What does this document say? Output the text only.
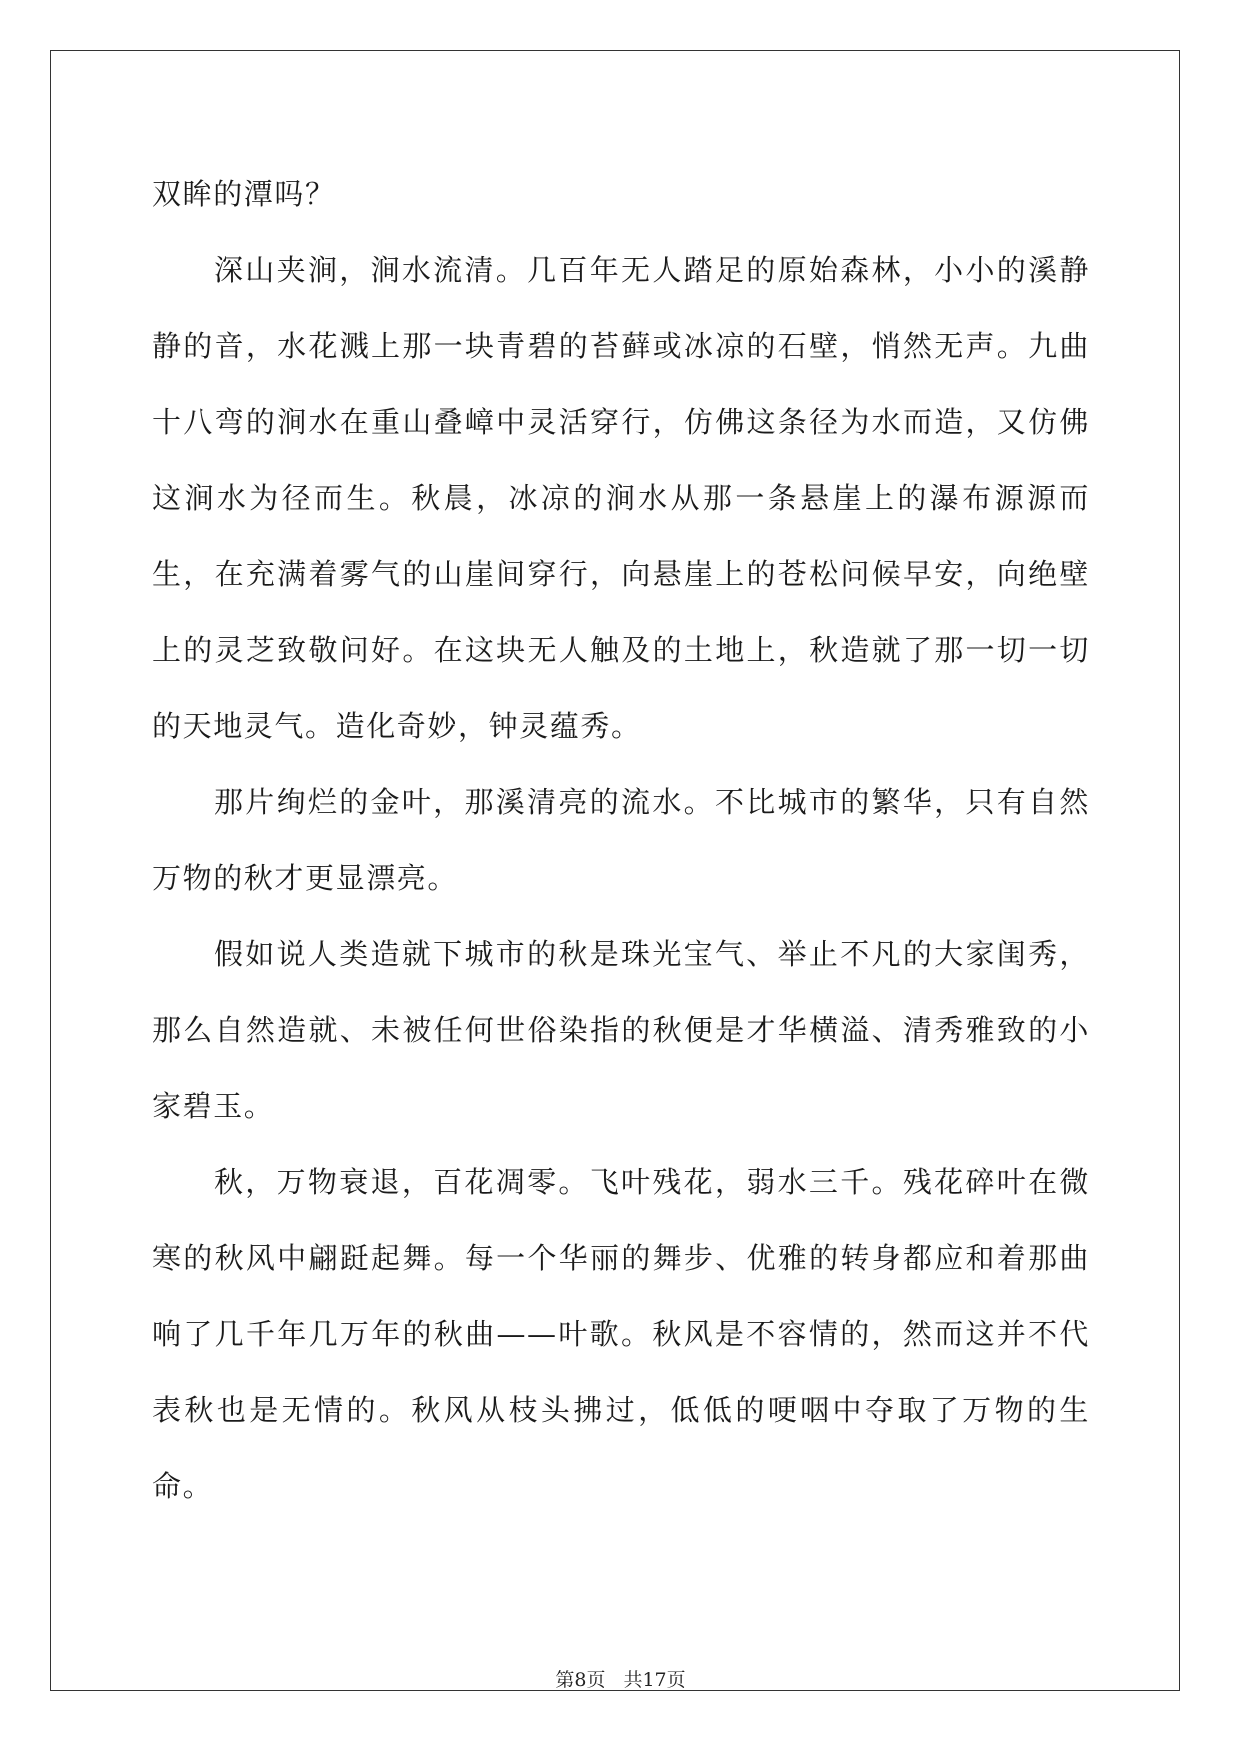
双眸的潭吗？

深山夹涧，涧水流清。几百年无人踏足的原始森林，小小的溪静静的音，水花溅上那一块青碧的苔藓或冰凉的石壁，悄然无声。九曲十八弯的涧水在重山叠嶂中灵活穿行，仿佛这条径为水而造，又仿佛这涧水为径而生。秋晨，冰凉的涧水从那一条悬崖上的瀑布源源而生，在充满着雾气的山崖间穿行，向悬崖上的苍松问候早安，向绝壁上的灵芝致敬问好。在这块无人触及的土地上，秋造就了那一切一切的天地灵气。造化奇妙，钟灵蕴秀。

那片绚烂的金叶，那溪清亮的流水。不比城市的繁华，只有自然万物的秋才更显漂亮。

假如说人类造就下城市的秋是珠光宝气、举止不凡的大家闺秀，那么自然造就、未被任何世俗染指的秋便是才华横溢、清秀雅致的小家碧玉。

秋，万物衰退，百花凋零。飞叶残花，弱水三千。残花碎叶在微寒的秋风中翩跹起舞。每一个华丽的舞步、优雅的转身都应和着那曲响了几千年几万年的秋曲——叶歌。秋风是不容情的，然而这并不代表秋也是无情的。秋风从枝头拂过，低低的哽咽中夺取了万物的生命。

第8页 共17页
